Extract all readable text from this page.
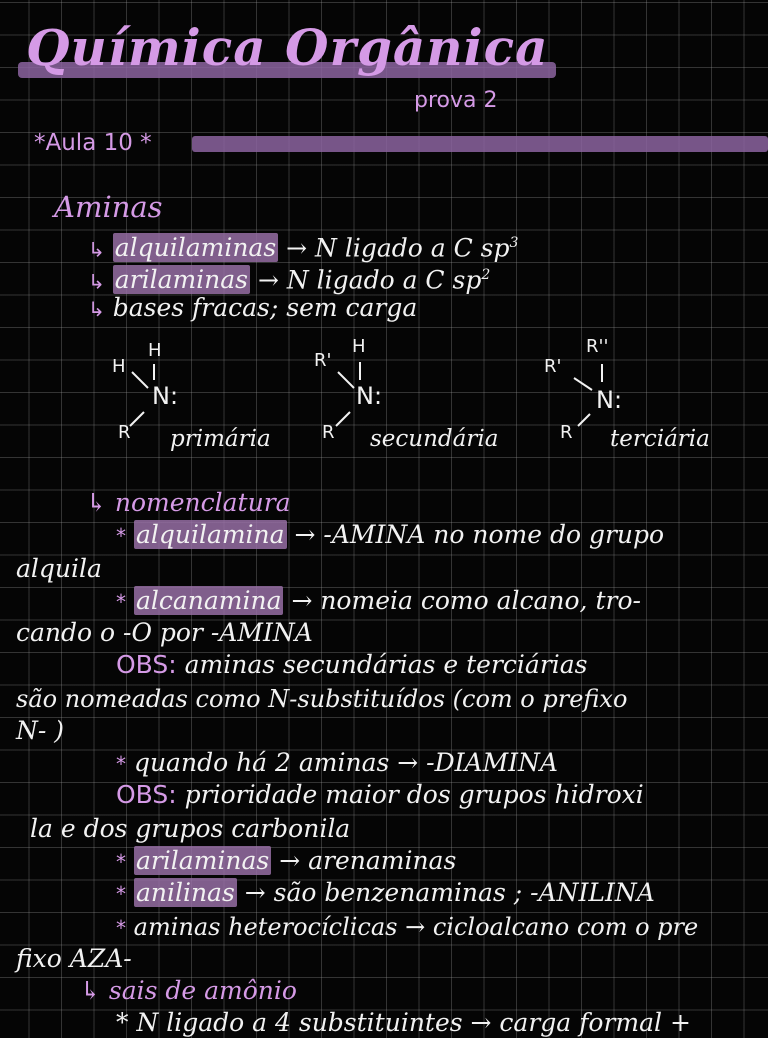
Química Orgânica
prova 2
*Aula 10 *
Aminas
↳ alquilaminas → N ligado a C $sp^3$
↳ arilaminas → N ligado a C $sp^2$
↳ bases fracas; sem carga
H
H
N:
R primária
R'
H
N:
R secundária
R'
R''
N:
R terciária
↳ nomenclatura
* alquilamina → -AMINA no nome do grupo
alquila
* alcanamina → nomeia como alcano, tro-
cando o -O por -AMINA
OBS: aminas secundárias e terciárias
são nomeadas como N-substituídos (com o prefixo
N- )
* quando há 2 aminas → -DIAMINA
OBS: prioridade maior dos grupos hidroxi
la e dos grupos carbonila
* arilaminas → arenaminas
* anilinas → são benzenaminas ; -ANILINA
* aminas heterocíclicas → cicloalcano com o pre
fixo AZA-
↳ sais de amônio
* N ligado a 4 substituintes → carga formal +
